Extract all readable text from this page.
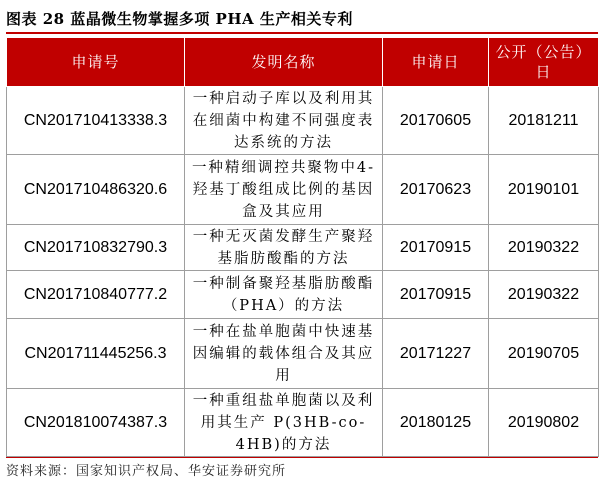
图表 28 蓝晶微生物掌握多项 PHA 生产相关专利
申请号	发明名称	申请日	公开（公告）日
CN201710413338.3	一种启动子库以及利用其在细菌中构建不同强度表达系统的方法	20170605	20181211
CN201710486320.6	一种精细调控共聚物中4-羟基丁酸组成比例的基因盒及其应用	20170623	20190101
CN201710832790.3	一种无灭菌发酵生产聚羟基脂肪酸酯的方法	20170915	20190322
CN201710840777.2	一种制备聚羟基脂肪酸酯（PHA）的方法	20170915	20190322
CN201711445256.3	一种在盐单胞菌中快速基因编辑的载体组合及其应用	20171227	20190705
CN201810074387.3	一种重组盐单胞菌以及利用其生产 P(3HB-co-4HB)的方法	20180125	20190802
资料来源：国家知识产权局、华安证券研究所
